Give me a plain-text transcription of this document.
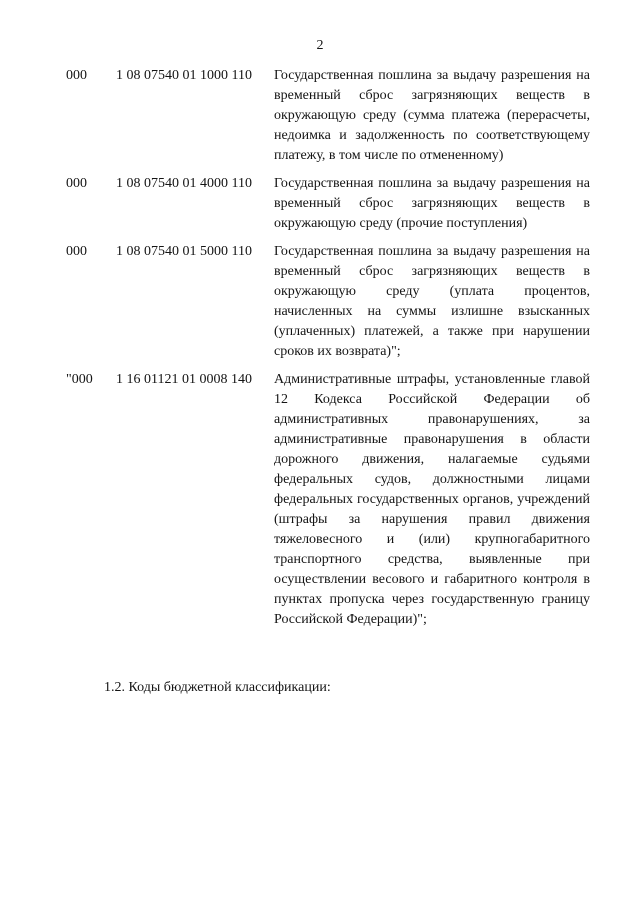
2
000 1 08 07540 01 1000 110 Государственная пошлина за выдачу разрешения на временный сброс загрязняющих веществ в окружающую среду (сумма платежа (перерасчеты, недоимка и задолженность по соответствующему платежу, в том числе по отмененному)
000 1 08 07540 01 4000 110 Государственная пошлина за выдачу разрешения на временный сброс загрязняющих веществ в окружающую среду (прочие поступления)
000 1 08 07540 01 5000 110 Государственная пошлина за выдачу разрешения на временный сброс загрязняющих веществ в окружающую среду (уплата процентов, начисленных на суммы излишне взысканных (уплаченных) платежей, а также при нарушении сроков их возврата)";
"000 1 16 01121 01 0008 140 Административные штрафы, установленные главой 12 Кодекса Российской Федерации об административных правонарушениях, за административные правонарушения в области дорожного движения, налагаемые судьями федеральных судов, должностными лицами федеральных государственных органов, учреждений (штрафы за нарушения правил движения тяжеловесного и (или) крупногабаритного транспортного средства, выявленные при осуществлении весового и габаритного контроля в пунктах пропуска через государственную границу Российской Федерации)";
1.2. Коды бюджетной классификации:
